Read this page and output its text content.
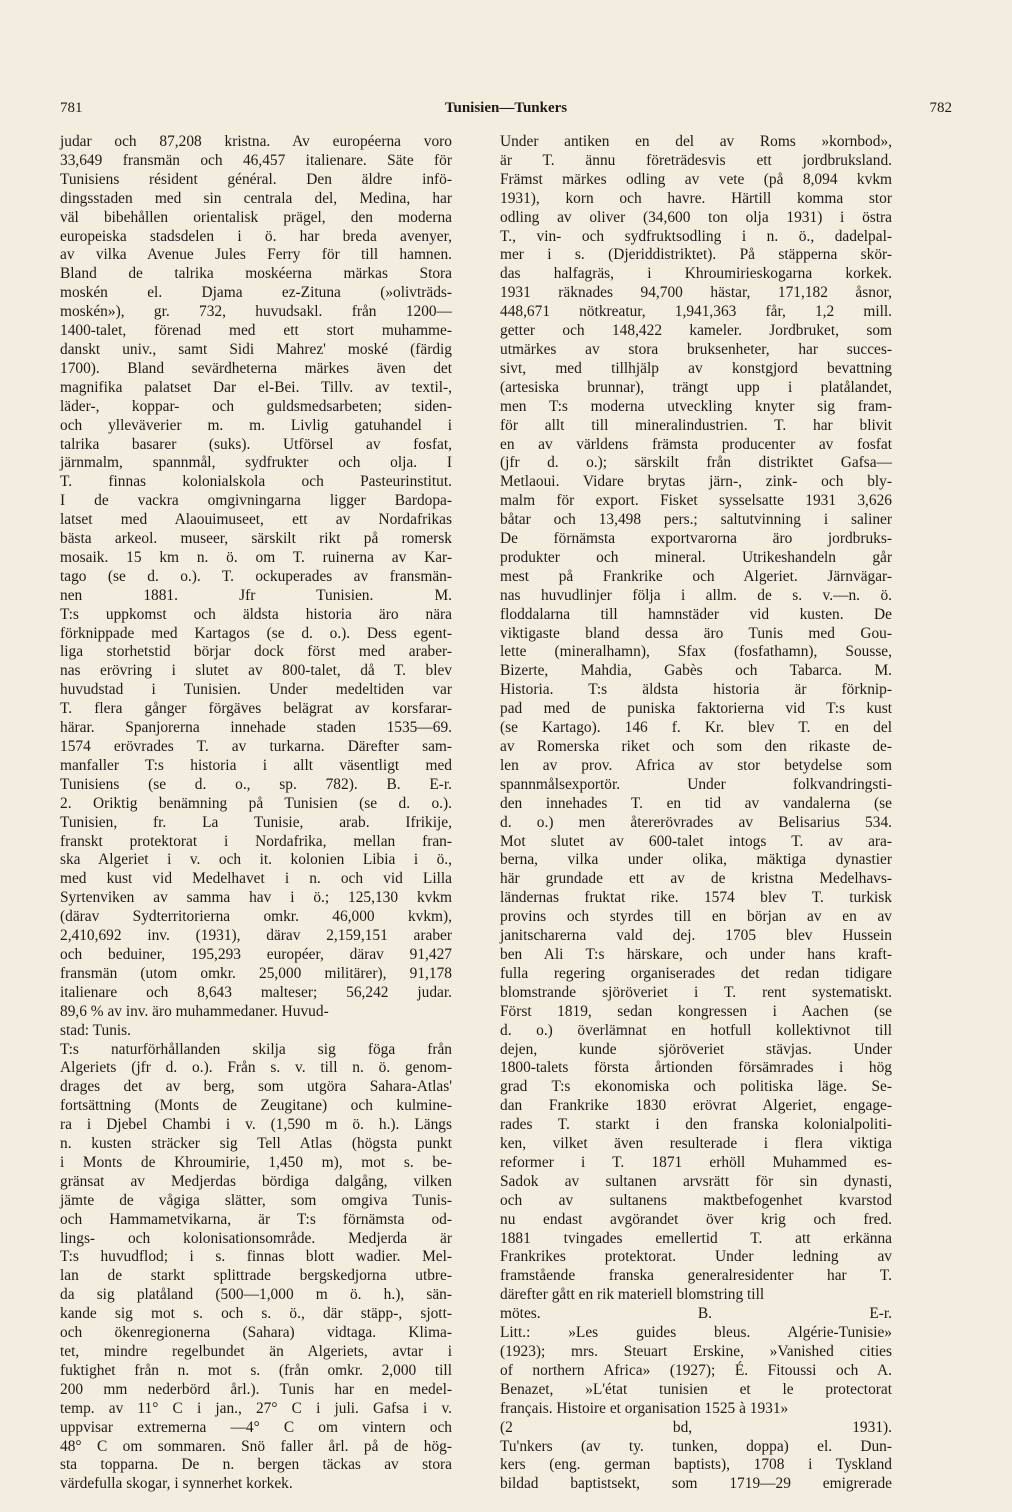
781	Tunisien—Tunkers	782
judar och 87,208 kristna. Av européerna voro
33,649 fransmän och 46,457 italienare. Säte för
Tunisiens résident général. Den äldre infö-
dingsstaden med sin centrala del, Medina, har
väl bibehållen orientalisk prägel, den moderna
europeiska stadsdelen i ö. har breda avenyer,
av vilka Avenue Jules Ferry för till hamnen.
Bland de talrika moskéerna märkas Stora
moskén el. Djama ez-Zituna (»olivträds-
moskén»), gr. 732, huvudsakl. från 1200—
1400-talet, förenad med ett stort muhamme-
danskt univ., samt Sidi Mahrez' moské (färdig
1700). Bland sevärdheterna märkes även det
magnifika palatset Dar el-Bei. Tillv. av textil-,
läder-, koppar- och guldsmedsarbeten; siden-
och ylleväverier m. m. Livlig gatuhandel i
talrika basarer (suks). Utförsel av fosfat,
järnmalm, spannmål, sydfrukter och olja. I
T. finnas kolonialskola och Pasteurinstitut.
I de vackra omgivningarna ligger Bardopa-
latset med Alaouimuseet, ett av Nordafrikas
bästa arkeol. museer, särskilt rikt på romersk
mosaik. 15 km n. ö. om T. ruinerna av Kar-
tago (se d. o.). T. ockuperades av fransmän-
nen 1881. Jfr Tunisien. M.
T:s uppkomst och äldsta historia äro nära
förknippade med Kartagos (se d. o.). Dess egent-
liga storhetstid börjar dock först med araber-
nas erövring i slutet av 800-talet, då T. blev
huvudstad i Tunisien. Under medeltiden var
T. flera gånger förgäves belägrat av korsfarar-
härar. Spanjorerna innehade staden 1535—69.
1574 erövrades T. av turkarna. Därefter sam-
manfaller T:s historia i allt väsentligt med
Tunisiens (se d. o., sp. 782). B. E-r.
2. Oriktig benämning på Tunisien (se d. o.).
Tunisien, fr. La Tunisie, arab. Ifrikije,
franskt protektorat i Nordafrika, mellan fran-
ska Algeriet i v. och it. kolonien Libia i ö.,
med kust vid Medelhavet i n. och vid Lilla
Syrtenviken av samma hav i ö.; 125,130 kvkm
(därav Sydterritorierna omkr. 46,000 kvkm),
2,410,692 inv. (1931), därav 2,159,151 araber
och beduiner, 195,293 européer, därav 91,427
fransmän (utom omkr. 25,000 militärer), 91,178
italienare och 8,643 malteser; 56,242 judar.
89,6 % av inv. äro muhammedaner. Huvud-
stad: Tunis.
T:s naturförhållanden skilja sig föga från
Algeriets (jfr d. o.). Från s. v. till n. ö. genom-
drages det av berg, som utgöra Sahara-Atlas'
fortsättning (Monts de Zeugitane) och kulmine-
ra i Djebel Chambi i v. (1,590 m ö. h.). Längs
n. kusten sträcker sig Tell Atlas (högsta punkt
i Monts de Khroumirie, 1,450 m), mot s. be-
gränsat av Medjerdas bördiga dalgång, vilken
jämte de vågiga slätter, som omgiva Tunis-
och Hammametvikarna, är T:s förnämsta od-
lings- och kolonisationsområde. Medjerda är
T:s huvudflod; i s. finnas blott wadier. Mel-
lan de starkt splittrade bergskedjorna utbre-
da sig platåland (500—1,000 m ö. h.), sän-
kande sig mot s. och s. ö., där stäpp-, sjott-
och ökenregionerna (Sahara) vidtaga. Klima-
tet, mindre regelbundet än Algeriets, avtar i
fuktighet från n. mot s. (från omkr. 2,000 till
200 mm nederbörd årl.). Tunis har en medel-
temp. av 11° C i jan., 27° C i juli. Gafsa i v.
uppvisar extremerna —4° C om vintern och
48° C om sommaren. Snö faller årl. på de hög-
sta topparna. De n. bergen täckas av stora
värdefulla skogar, i synnerhet korkek.
Under antiken en del av Roms »kornbod»,
är T. ännu företrädesvis ett jordbruksland.
Främst märkes odling av vete (på 8,094 kvkm
1931), korn och havre. Härtill komma stor
odling av oliver (34,600 ton olja 1931) i östra
T., vin- och sydfruktsodling i n. ö., dadelpal-
mer i s. (Djeriddistriktet). På stäpperna skör-
das halfagräs, i Khroumirieskogarna korkek.
1931 räknades 94,700 hästar, 171,182 åsnor,
448,671 nötkreatur, 1,941,363 får, 1,2 mill.
getter och 148,422 kameler. Jordbruket, som
utmärkes av stora bruksenheter, har succes-
sivt, med tillhjälp av konstgjord bevattning
(artesiska brunnar), trängt upp i platålandet,
men T:s moderna utveckling knyter sig fram-
för allt till mineralindustrien. T. har blivit
en av världens främsta producenter av fosfat
(jfr d. o.); särskilt från distriktet Gafsa—
Metlaoui. Vidare brytas järn-, zink- och bly-
malm för export. Fisket sysselsatte 1931 3,626
båtar och 13,498 pers.; saltutvinning i saliner
De förnämsta exportvarorna äro jordbruks-
produkter och mineral. Utrikeshandeln går
mest på Frankrike och Algeriet. Järnvägar-
nas huvudlinjer följa i allm. de s. v.—n. ö.
floddalarna till hamnstäder vid kusten. De
viktigaste bland dessa äro Tunis med Gou-
lette (mineralhamn), Sfax (fosfathamn), Sousse,
Bizerte, Mahdia, Gabès och Tabarca. M.
Historia. T:s äldsta historia är förknip-
pad med de puniska faktorierna vid T:s kust
(se Kartago). 146 f. Kr. blev T. en del
av Romerska riket och som den rikaste de-
len av prov. Africa av stor betydelse som
spannmålsexportör. Under folkvandringsti-
den innehades T. en tid av vandalerna (se
d. o.) men återerövrades av Belisarius 534.
Mot slutet av 600-talet intogs T. av ara-
berna, vilka under olika, mäktiga dynastier
här grundade ett av de kristna Medelhavs-
ländernas fruktat rike. 1574 blev T. turkisk
provins och styrdes till en början av en av
janitscharerna vald dej. 1705 blev Hussein
ben Ali T:s härskare, och under hans kraft-
fulla regering organiserades det redan tidigare
blomstrande sjöröveriet i T. rent systematiskt.
Först 1819, sedan kongressen i Aachen (se
d. o.) överlämnat en hotfull kollektivnot till
dejen, kunde sjöröveriet stävjas. Under
1800-talets första årtionden försämrades i hög
grad T:s ekonomiska och politiska läge. Se-
dan Frankrike 1830 erövrat Algeriet, engage-
rades T. starkt i den franska kolonialpoliti-
ken, vilket även resulterade i flera viktiga
reformer i T. 1871 erhöll Muhammed es-
Sadok av sultanen arvsrätt för sin dynasti,
och av sultanens maktbefogenhet kvarstod
nu endast avgörandet över krig och fred.
1881 tvingades emellertid T. att erkänna
Frankrikes protektorat. Under ledning av
framstående franska generalresidenter har T.
därefter gått en rik materiell blomstring till
mötes. B. E-r.
Litt.: »Les guides bleus. Algérie-Tunisie»
(1923); mrs. Steuart Erskine, »Vanished cities
of northern Africa» (1927); É. Fitoussi och A.
Benazet, »L'état tunisien et le protectorat
français. Histoire et organisation 1525 à 1931»
(2 bd, 1931).
Tu'nkers (av ty. tunken, doppa) el. Dun-
kers (eng. german baptists), 1708 i Tyskland
bildad baptistsekt, som 1719—29 emigrerade
